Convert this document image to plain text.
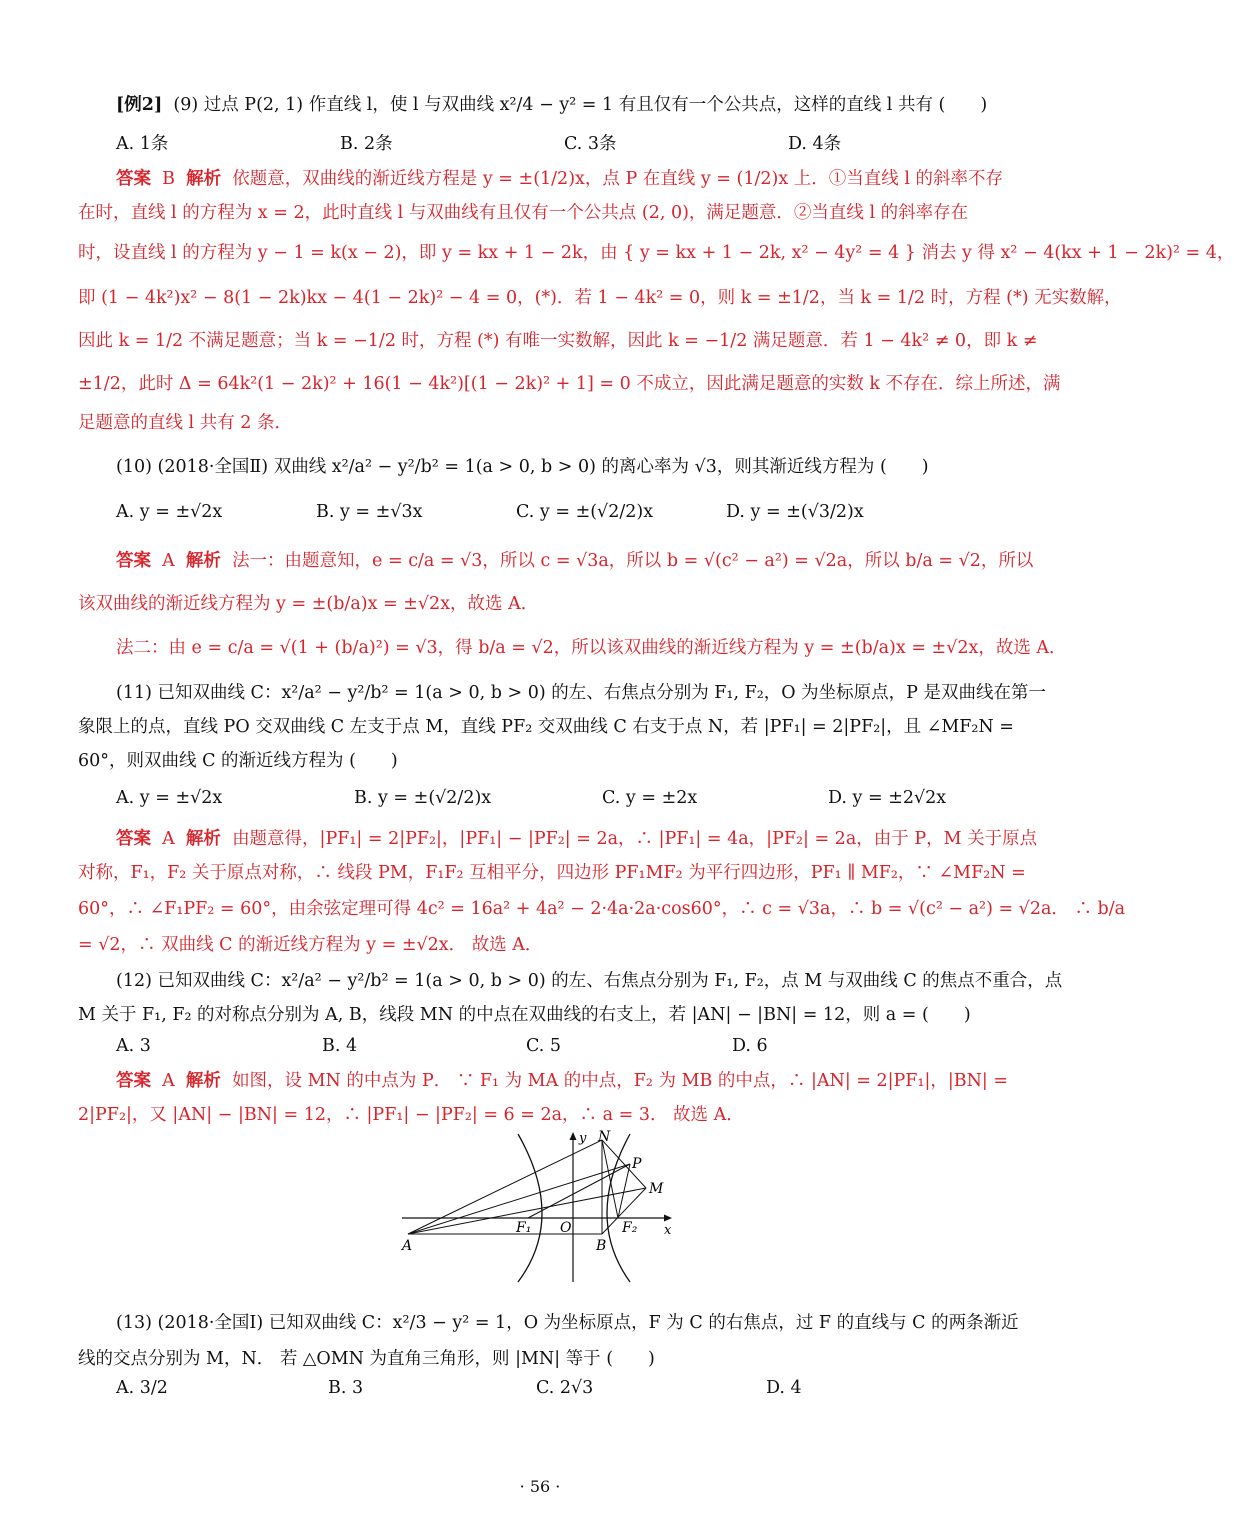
[例2] (9) 过点 P(2, 1) 作直线 l，使 l 与双曲线 x²/4 − y² = 1 有且仅有一个公共点，这样的直线 l 共有 (　　)
A. 1条	B. 2条	C. 3条	D. 4条
答案 B 解析 依题意，双曲线的渐近线方程是 y = ±(1/2)x，点 P 在直线 y = (1/2)x 上．①当直线 l 的斜率不存
在时，直线 l 的方程为 x = 2，此时直线 l 与双曲线有且仅有一个公共点 (2, 0)，满足题意．②当直线 l 的斜率存在
时，设直线 l 的方程为 y − 1 = k(x − 2)，即 y = kx + 1 − 2k，由 { y = kx + 1 − 2k, x² − 4y² = 4 } 消去 y 得 x² − 4(kx + 1 − 2k)² = 4，
即 (1 − 4k²)x² − 8(1 − 2k)kx − 4(1 − 2k)² − 4 = 0，(*)．若 1 − 4k² = 0，则 k = ±1/2，当 k = 1/2 时，方程 (*) 无实数解，
因此 k = 1/2 不满足题意；当 k = −1/2 时，方程 (*) 有唯一实数解，因此 k = −1/2 满足题意．若 1 − 4k² ≠ 0，即 k ≠
±1/2，此时 Δ = 64k²(1 − 2k)² + 16(1 − 4k²)[(1 − 2k)² + 1] = 0 不成立，因此满足题意的实数 k 不存在．综上所述，满
足题意的直线 l 共有 2 条．
(10) (2018·全国Ⅱ) 双曲线 x²/a² − y²/b² = 1(a > 0, b > 0) 的离心率为 √3，则其渐近线方程为 (　　)
A. y = ±√2x	B. y = ±√3x	C. y = ±(√2/2)x	D. y = ±(√3/2)x
答案 A 解析 法一：由题意知，e = c/a = √3，所以 c = √3a，所以 b = √(c² − a²) = √2a，所以 b/a = √2，所以
该双曲线的渐近线方程为 y = ±(b/a)x = ±√2x，故选 A．
法二：由 e = c/a = √(1 + (b/a)²) = √3，得 b/a = √2，所以该双曲线的渐近线方程为 y = ±(b/a)x = ±√2x，故选 A．
(11) 已知双曲线 C：x²/a² − y²/b² = 1(a > 0, b > 0) 的左、右焦点分别为 F₁, F₂，O 为坐标原点，P 是双曲线在第一
象限上的点，直线 PO 交双曲线 C 左支于点 M，直线 PF₂ 交双曲线 C 右支于点 N，若 |PF₁| = 2|PF₂|，且 ∠MF₂N =
60°，则双曲线 C 的渐近线方程为 (　　)
A. y = ±√2x	B. y = ±(√2/2)x	C. y = ±2x	D. y = ±2√2x
答案 A 解析 由题意得，|PF₁| = 2|PF₂|，|PF₁| − |PF₂| = 2a，∴ |PF₁| = 4a，|PF₂| = 2a，由于 P，M 关于原点
对称，F₁，F₂ 关于原点对称，∴ 线段 PM，F₁F₂ 互相平分，四边形 PF₁MF₂ 为平行四边形，PF₁ ∥ MF₂，∵ ∠MF₂N =
60°，∴ ∠F₁PF₂ = 60°，由余弦定理可得 4c² = 16a² + 4a² − 2·4a·2a·cos60°，∴ c = √3a，∴ b = √(c² − a²) = √2a． ∴ b/a
= √2，∴ 双曲线 C 的渐近线方程为 y = ±√2x． 故选 A．
(12) 已知双曲线 C：x²/a² − y²/b² = 1(a > 0, b > 0) 的左、右焦点分别为 F₁, F₂，点 M 与双曲线 C 的焦点不重合，点
M 关于 F₁, F₂ 的对称点分别为 A, B，线段 MN 的中点在双曲线的右支上，若 |AN| − |BN| = 12，则 a = (　　)
A. 3	B. 4	C. 5	D. 6
答案 A 解析 如图，设 MN 的中点为 P． ∵ F₁ 为 MA 的中点，F₂ 为 MB 的中点，∴ |AN| = 2|PF₁|，|BN| =
2|PF₂|，又 |AN| − |BN| = 12，∴ |PF₁| − |PF₂| = 6 = 2a，∴ a = 3． 故选 A．
y N
P
M
F₁ O	F₂ x
A	B
(13) (2018·全国Ⅰ) 已知双曲线 C：x²/3 − y² = 1，O 为坐标原点，F 为 C 的右焦点，过 F 的直线与 C 的两条渐近
线的交点分别为 M，N． 若 △OMN 为直角三角形，则 |MN| 等于 (　　)
A. 3/2	B. 3	C. 2√3	D. 4
· 56 ·
